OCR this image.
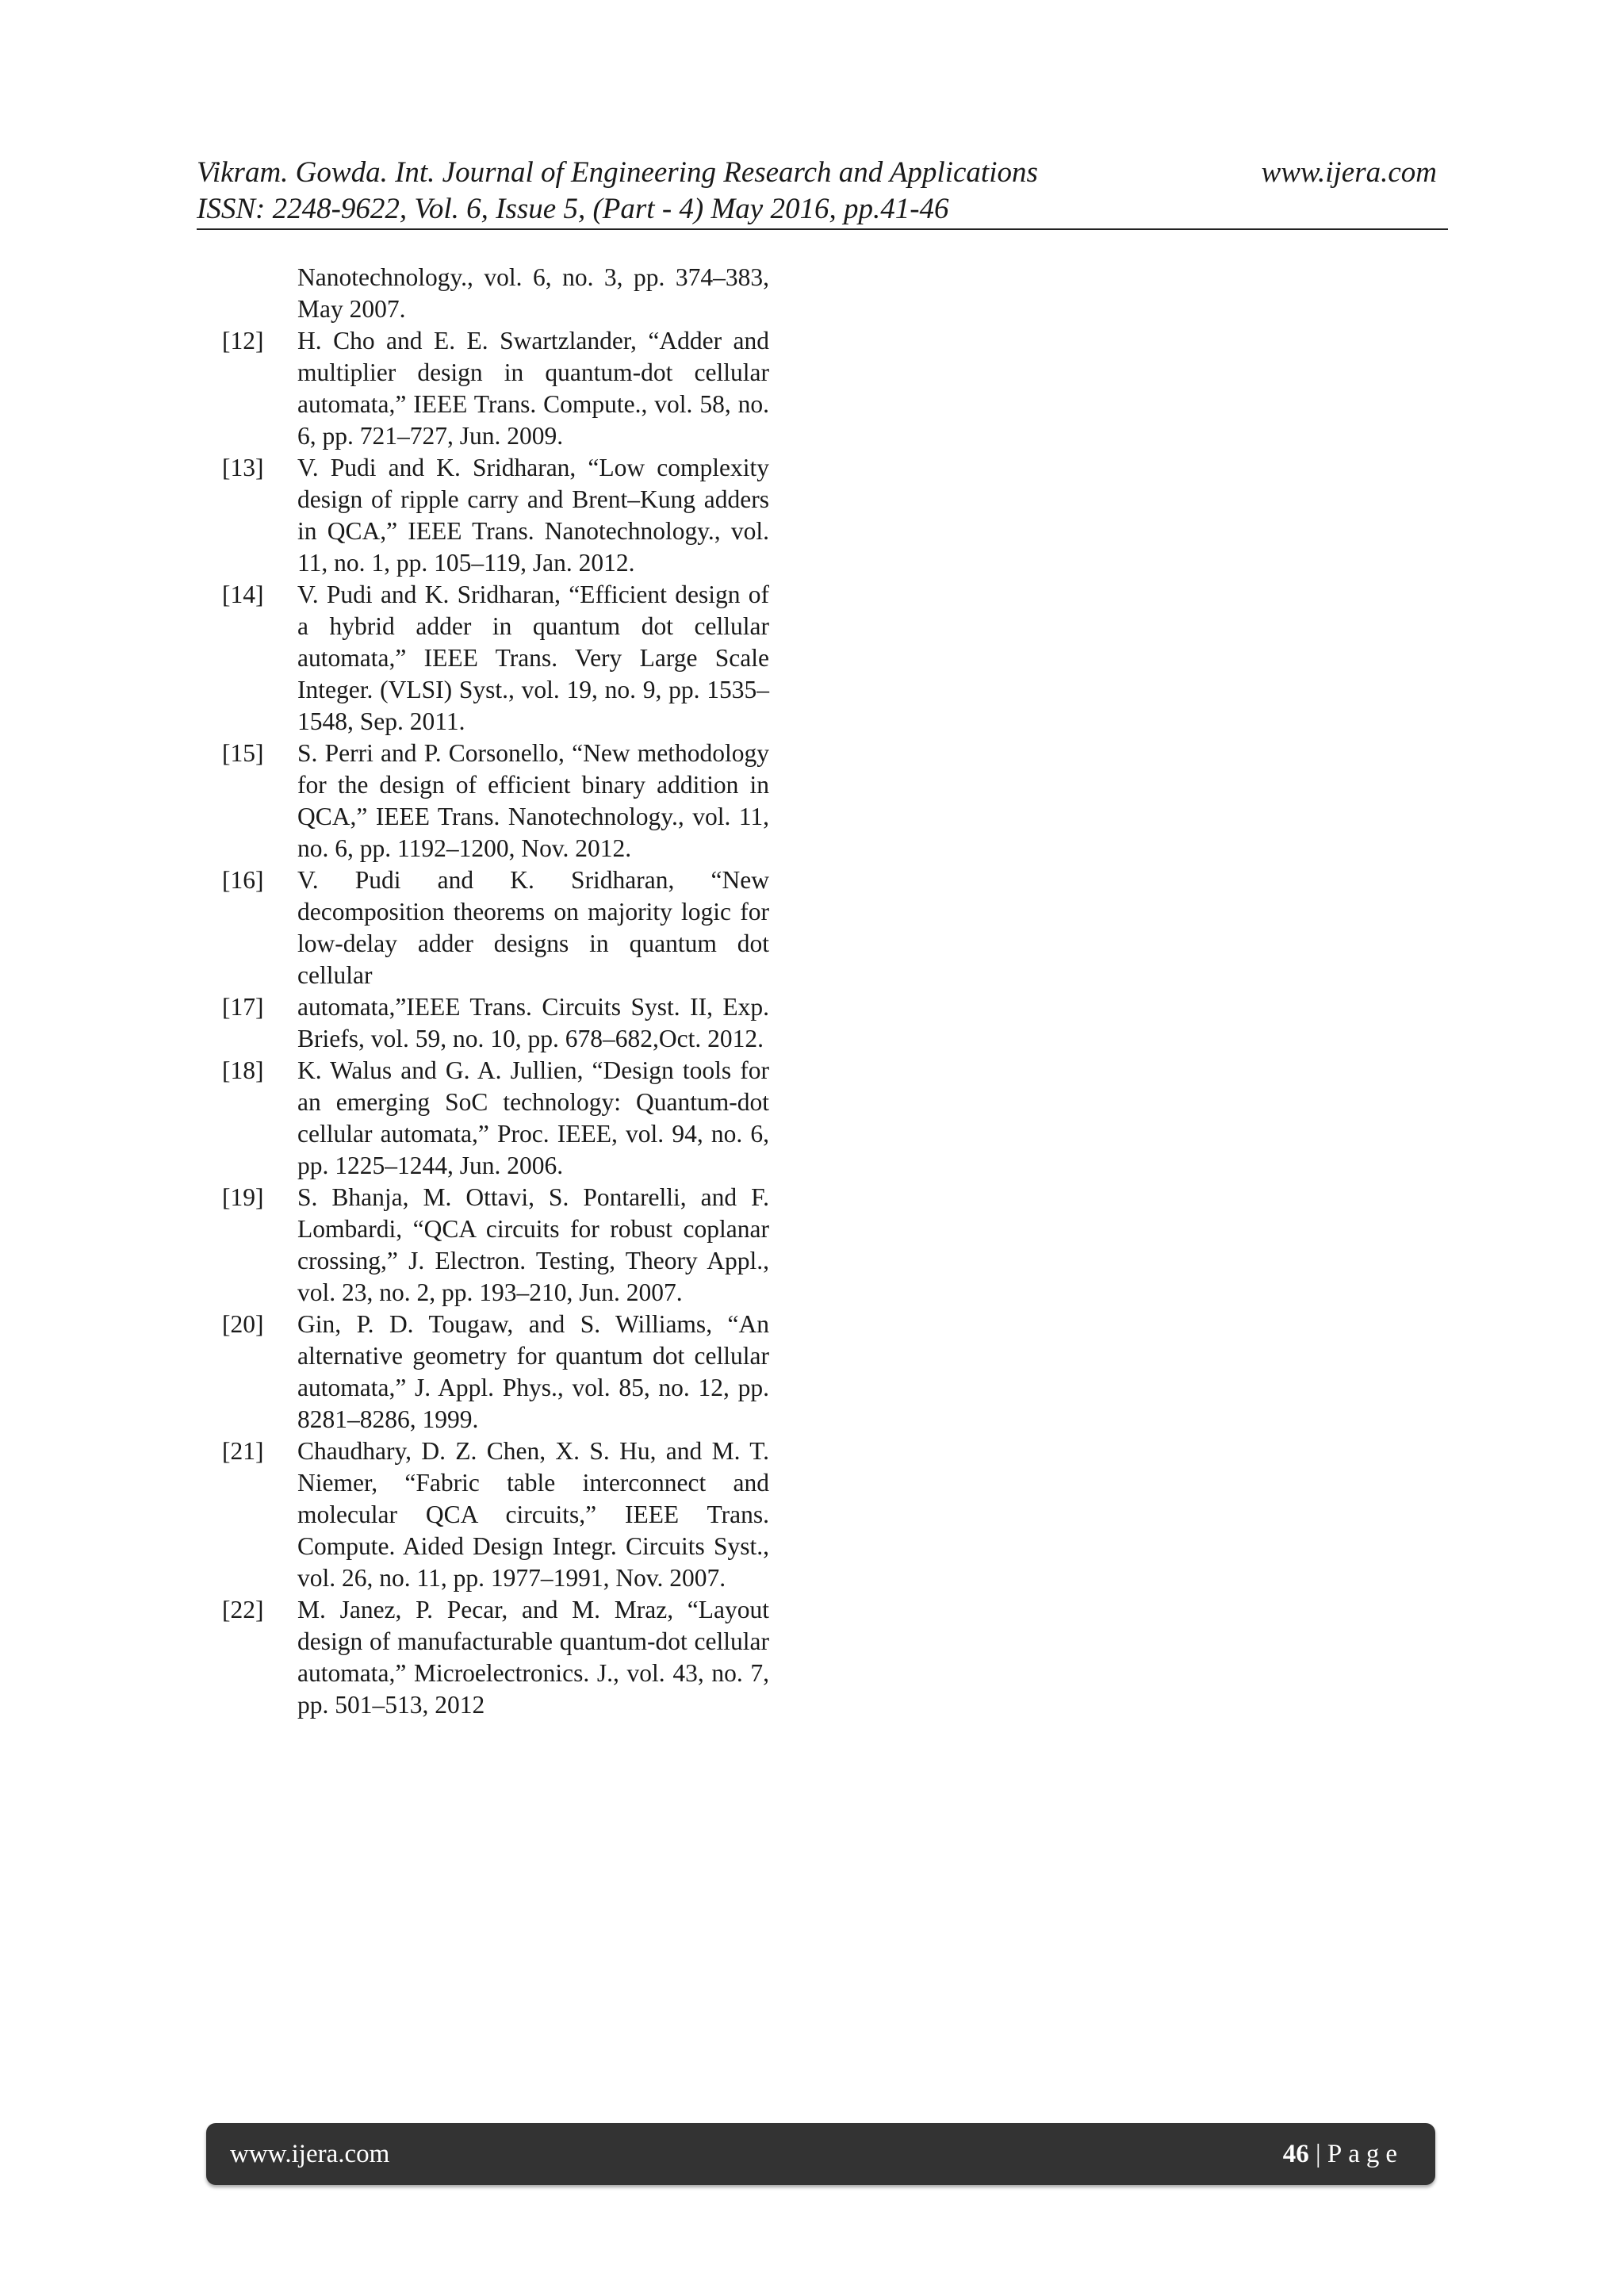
Vikram. Gowda. Int. Journal of Engineering Research and Applications	www.ijera.com
ISSN: 2248-9622, Vol. 6, Issue 5, (Part - 4) May 2016, pp.41-46
Nanotechnology., vol. 6, no. 3, pp. 374–383, May 2007.
[12]	H. Cho and E. E. Swartzlander, “Adder and multiplier design in quantum-dot cellular automata,” IEEE Trans. Compute., vol. 58, no. 6, pp. 721–727, Jun. 2009.
[13]	V. Pudi and K. Sridharan, “Low complexity design of ripple carry and Brent–Kung adders in QCA,” IEEE Trans. Nanotechnology., vol. 11, no. 1, pp. 105–119, Jan. 2012.
[14]	V. Pudi and K. Sridharan, “Efficient design of a hybrid adder in quantum dot cellular automata,” IEEE Trans. Very Large Scale Integer. (VLSI) Syst., vol. 19, no. 9, pp. 1535–1548, Sep. 2011.
[15]	S. Perri and P. Corsonello, “New methodology for the design of efficient binary addition in QCA,” IEEE Trans. Nanotechnology., vol. 11, no. 6, pp. 1192–1200, Nov. 2012.
[16]	V. Pudi and K. Sridharan, “New decomposition theorems on majority logic for low-delay adder designs in quantum dot cellular
[17]	automata,”IEEE Trans. Circuits Syst. II, Exp. Briefs, vol. 59, no. 10, pp. 678–682,Oct. 2012.
[18]	K. Walus and G. A. Jullien, “Design tools for an emerging SoC technology: Quantum-dot cellular automata,” Proc. IEEE, vol. 94, no. 6, pp. 1225–1244, Jun. 2006.
[19]	S. Bhanja, M. Ottavi, S. Pontarelli, and F. Lombardi, “QCA circuits for robust coplanar crossing,” J. Electron. Testing, Theory Appl., vol. 23, no. 2, pp. 193–210, Jun. 2007.
[20]	Gin, P. D. Tougaw, and S. Williams, “An alternative geometry for quantum dot cellular automata,” J. Appl. Phys., vol. 85, no. 12, pp. 8281–8286, 1999.
[21]	Chaudhary, D. Z. Chen, X. S. Hu, and M. T. Niemer, “Fabric table interconnect and molecular QCA circuits,” IEEE Trans. Compute. Aided Design Integr. Circuits Syst., vol. 26, no. 11, pp. 1977–1991, Nov. 2007.
[22]	M. Janez, P. Pecar, and M. Mraz, “Layout design of manufacturable quantum-dot cellular automata,” Microelectronics. J., vol. 43, no. 7, pp. 501–513, 2012
www.ijera.com	46 | Page
